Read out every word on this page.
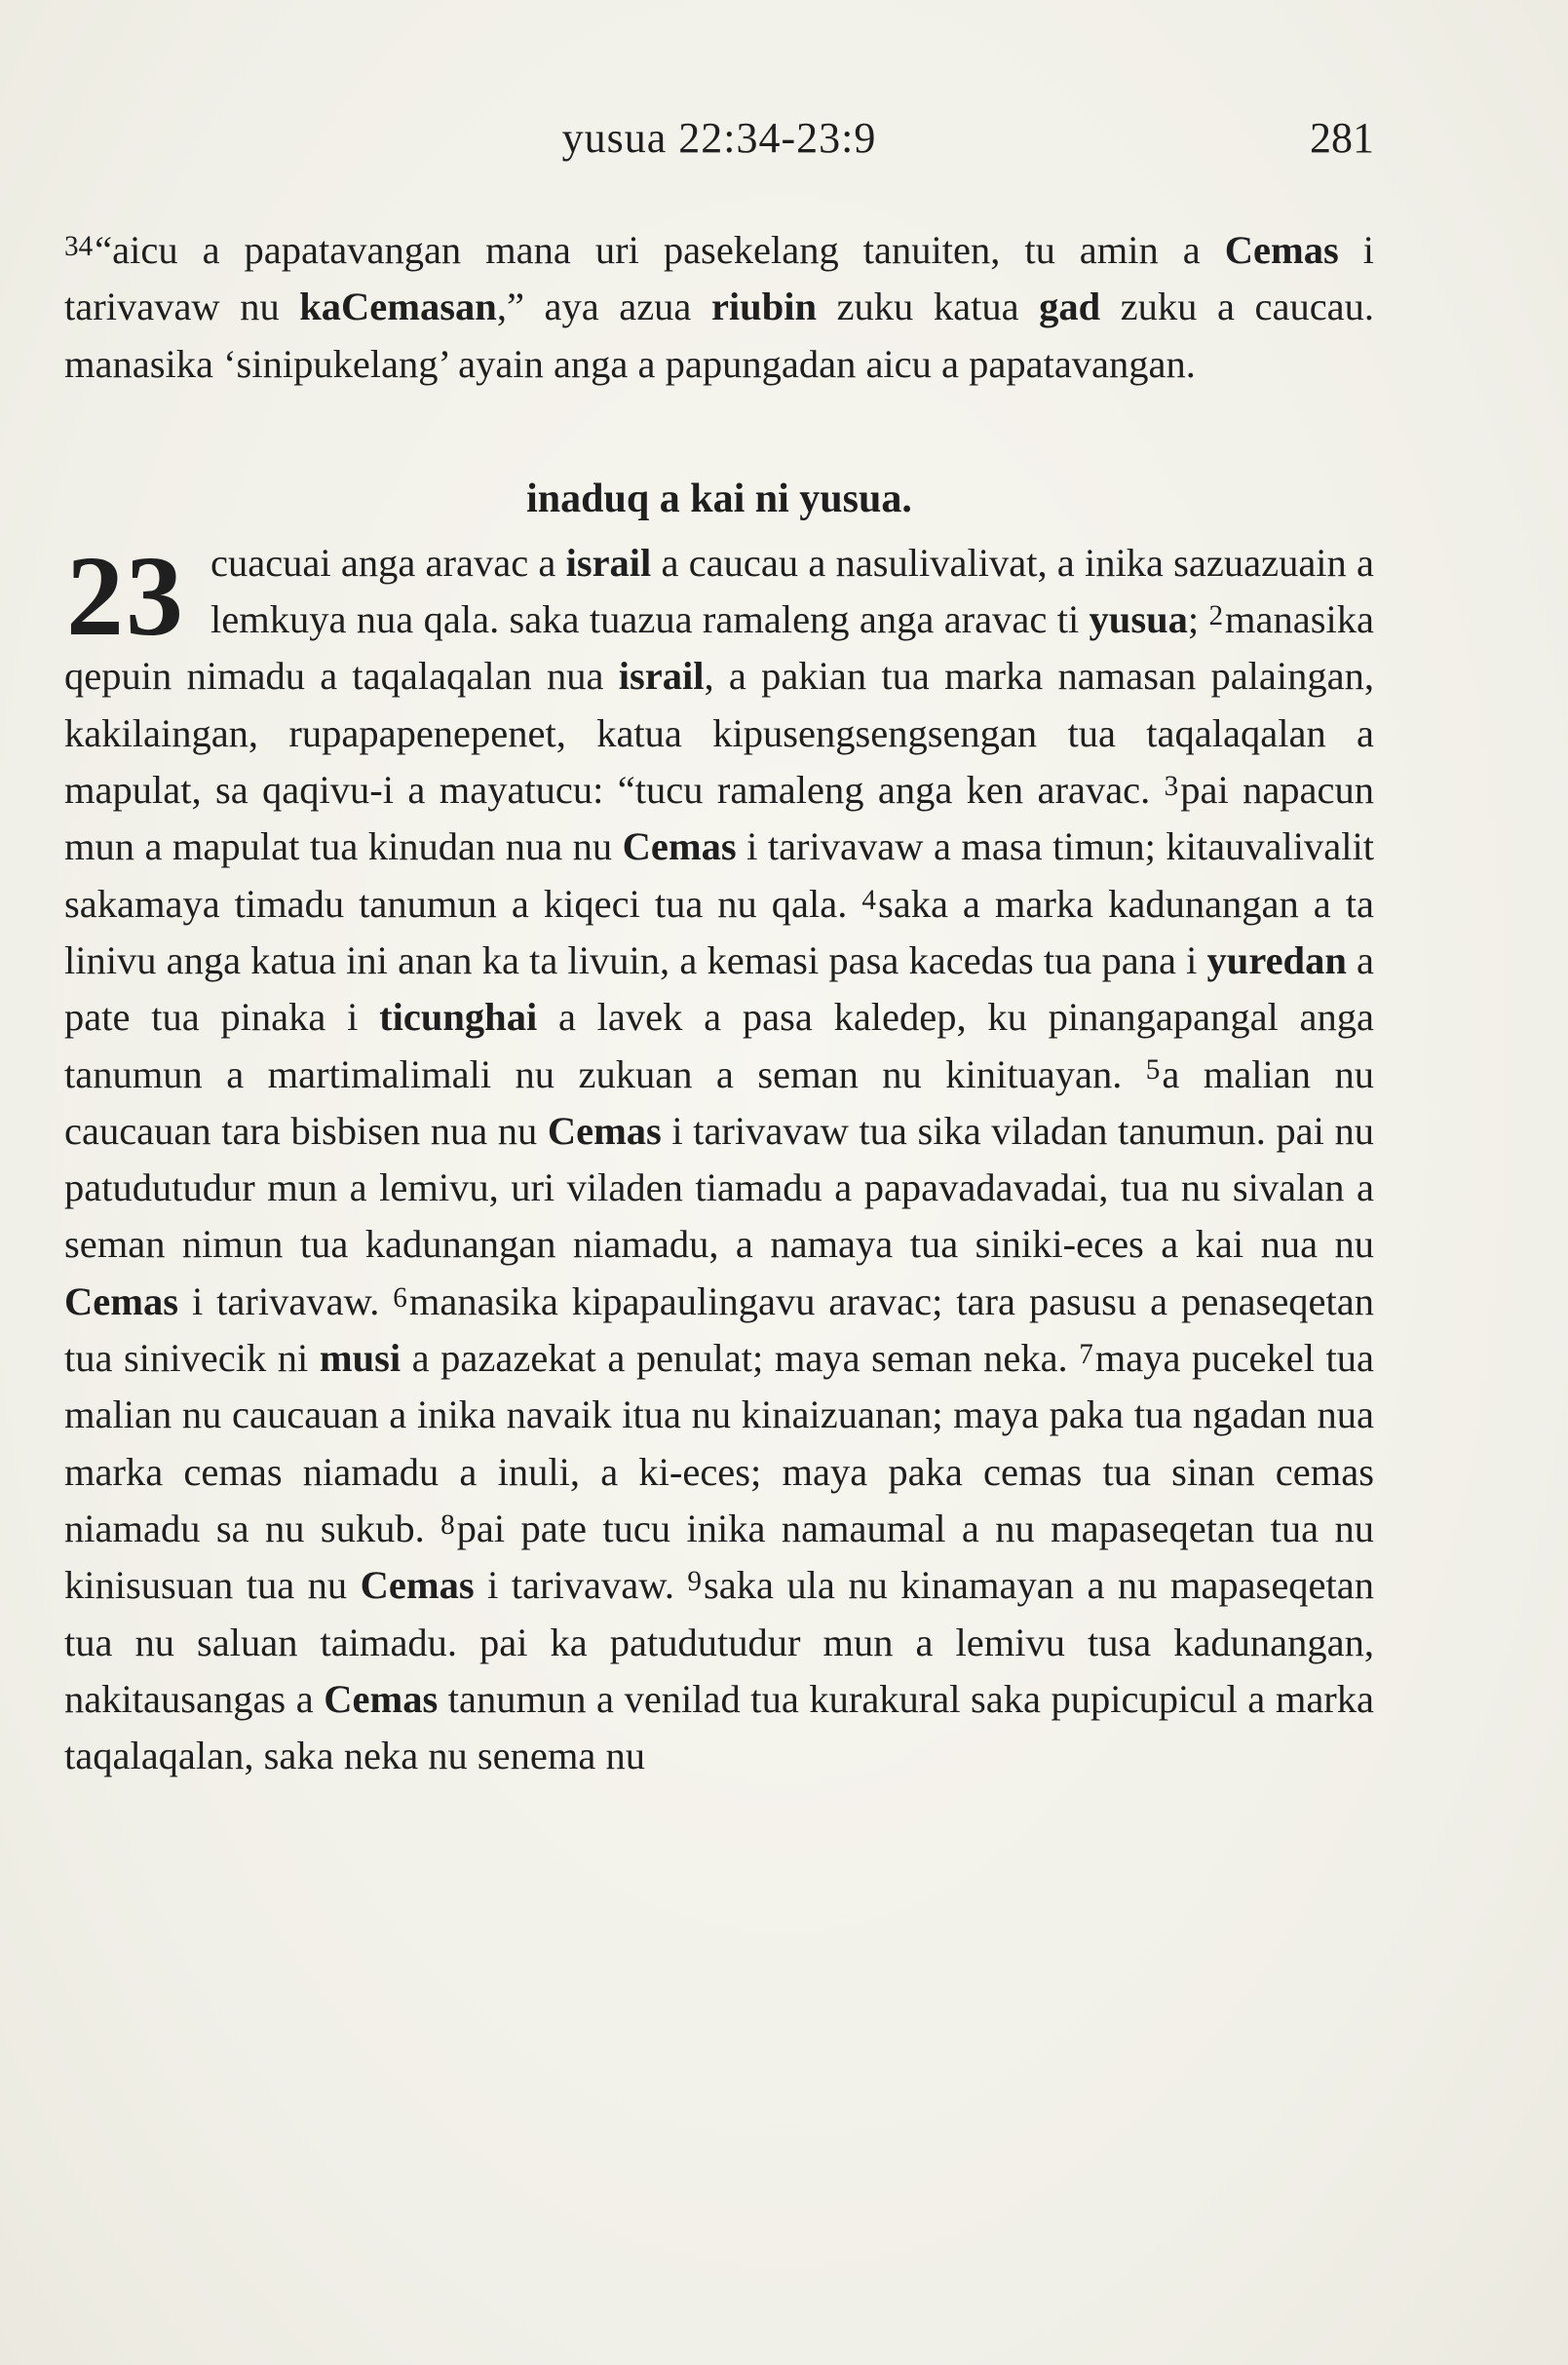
yusua 22:34-23:9	281

$^{34}$“aicu a papatavangan mana uri pasekelang tanuiten, tu amin a Cemas i tarivavaw nu kaCemasan,” aya azua riubin zuku katua gad zuku a caucau. manasika ‘sinipukelang’ ayain anga a papungadan aicu a papatavangan.

inaduq a kai ni yusua.

23 cuacuai anga aravac a israil a caucau a nasulivalivat, a inika sazuazuain a lemkuya nua qala. saka tuazua ramaleng anga aravac ti yusua; $^2$manasika qepuin nimadu a taqalaqalan nua israil, a pakian tua marka namasan palaingan, kakilaingan, rupapapenepenet, katua kipusengsengsengan tua taqalaqalan a mapulat, sa qaqivu-i a mayatucu: “tucu ramaleng anga ken aravac. $^3$pai napacun mun a mapulat tua kinudan nua nu Cemas i tarivavaw a masa timun; kitauvalivalit sakamaya timadu tanumun a kiqeci tua nu qala. $^4$saka a marka kadunangan a ta linivu anga katua ini anan ka ta livuin, a kemasi pasa kacedas tua pana i yuredan a pate tua pinaka i ticunghai a lavek a pasa kaledep, ku pinangapangal anga tanumun a martimalimali nu zukuan a seman nu kinituayan. $^5$a malian nu caucauan tara bisbisen nua nu Cemas i tarivavaw tua sika viladan tanumun. pai nu patudutudur mun a lemivu, uri viladen tiamadu a papavadavadai, tua nu sivalan a seman nimun tua kadunangan niamadu, a namaya tua siniki-eces a kai nua nu Cemas i tarivavaw. $^6$manasika kipapaulingavu aravac; tara pasusu a penaseqetan tua sinivecik ni musi a pazazekat a penulat; maya seman neka. $^7$maya pucekel tua malian nu caucauan a inika navaik itua nu kinaizuanan; maya paka tua ngadan nua marka cemas niamadu a inuli, a ki-eces; maya paka cemas tua sinan cemas niamadu sa nu sukub. $^8$pai pate tucu inika namaumal a nu mapaseqetan tua nu kinisusuan tua nu Cemas i tarivavaw. $^9$saka ula nu kinamayan a nu mapaseqetan tua nu saluan taimadu. pai ka patudutudur mun a lemivu tusa kadunangan, nakitausangas a Cemas tanumun a venilad tua kurakural saka pupicupicul a marka taqalaqalan, saka neka nu senema nu
